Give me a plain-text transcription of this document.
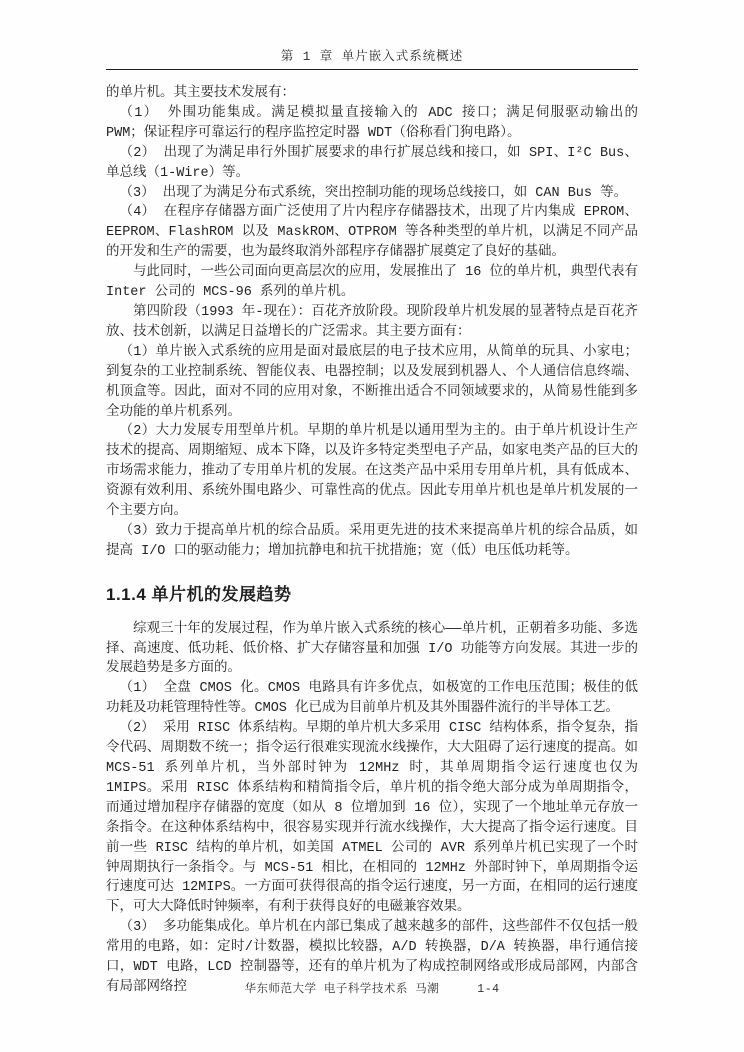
第 1 章 单片嵌入式系统概述

的单片机。其主要技术发展有：

（1） 外围功能集成。满足模拟量直接输入的 ADC 接口；满足伺服驱动输出的 PWM；保证程序可靠运行的程序监控定时器 WDT（俗称看门狗电路）。

（2） 出现了为满足串行外围扩展要求的串行扩展总线和接口，如 SPI、I²C Bus、单总线（1-Wire）等。

（3） 出现了为满足分布式系统，突出控制功能的现场总线接口，如 CAN Bus 等。

（4） 在程序存储器方面广泛使用了片内程序存储器技术，出现了片内集成 EPROM、EEPROM、FlashROM 以及 MaskROM、OTPROM 等各种类型的单片机，以满足不同产品的开发和生产的需要，也为最终取消外部程序存储器扩展奠定了良好的基础。

与此同时，一些公司面向更高层次的应用，发展推出了 16 位的单片机，典型代表有 Inter 公司的 MCS-96 系列的单片机。

第四阶段（1993 年-现在）：百花齐放阶段。现阶段单片机发展的显著特点是百花齐放、技术创新，以满足日益增长的广泛需求。其主要方面有：

（1）单片嵌入式系统的应用是面对最底层的电子技术应用，从简单的玩具、小家电；到复杂的工业控制系统、智能仪表、电器控制；以及发展到机器人、个人通信信息终端、机顶盒等。因此，面对不同的应用对象，不断推出适合不同领域要求的，从简易性能到多全功能的单片机系列。

（2）大力发展专用型单片机。早期的单片机是以通用型为主的。由于单片机设计生产技术的提高、周期缩短、成本下降，以及许多特定类型电子产品，如家电类产品的巨大的市场需求能力，推动了专用单片机的发展。在这类产品中采用专用单片机，具有低成本、资源有效利用、系统外围电路少、可靠性高的优点。因此专用单片机也是单片机发展的一个主要方向。

（3）致力于提高单片机的综合品质。采用更先进的技术来提高单片机的综合品质，如提高 I/O 口的驱动能力；增加抗静电和抗干扰措施；宽（低）电压低功耗等。

1.1.4 单片机的发展趋势

综观三十年的发展过程，作为单片嵌入式系统的核心——单片机，正朝着多功能、多选择、高速度、低功耗、低价格、扩大存储容量和加强 I/O 功能等方向发展。其进一步的发展趋势是多方面的。

（1） 全盘 CMOS 化。CMOS 电路具有许多优点，如极宽的工作电压范围；极佳的低功耗及功耗管理特性等。CMOS 化已成为目前单片机及其外围器件流行的半导体工艺。

（2） 采用 RISC 体系结构。早期的单片机大多采用 CISC 结构体系，指令复杂，指令代码、周期数不统一；指令运行很难实现流水线操作，大大阻碍了运行速度的提高。如 MCS-51 系列单片机，当外部时钟为 12MHz 时，其单周期指令运行速度也仅为 1MIPS。采用 RISC 体系结构和精简指令后，单片机的指令绝大部分成为单周期指令，而通过增加程序存储器的宽度（如从 8 位增加到 16 位），实现了一个地址单元存放一条指令。在这种体系结构中，很容易实现并行流水线操作，大大提高了指令运行速度。目前一些 RISC 结构的单片机，如美国 ATMEL 公司的 AVR 系列单片机已实现了一个时钟周期执行一条指令。与 MCS-51 相比，在相同的 12MHz 外部时钟下，单周期指令运行速度可达 12MIPS。一方面可获得很高的指令运行速度，另一方面，在相同的运行速度下，可大大降低时钟频率，有利于获得良好的电磁兼容效果。

（3） 多功能集成化。单片机在内部已集成了越来越多的部件，这些部件不仅包括一般常用的电路，如：定时/计数器，模拟比较器，A/D 转换器，D/A 转换器，串行通信接口，WDT 电路，LCD 控制器等，还有的单片机为了构成控制网络或形成局部网，内部含有局部网络控	华东师范大学 电子科学技术系 马潮	1-4
